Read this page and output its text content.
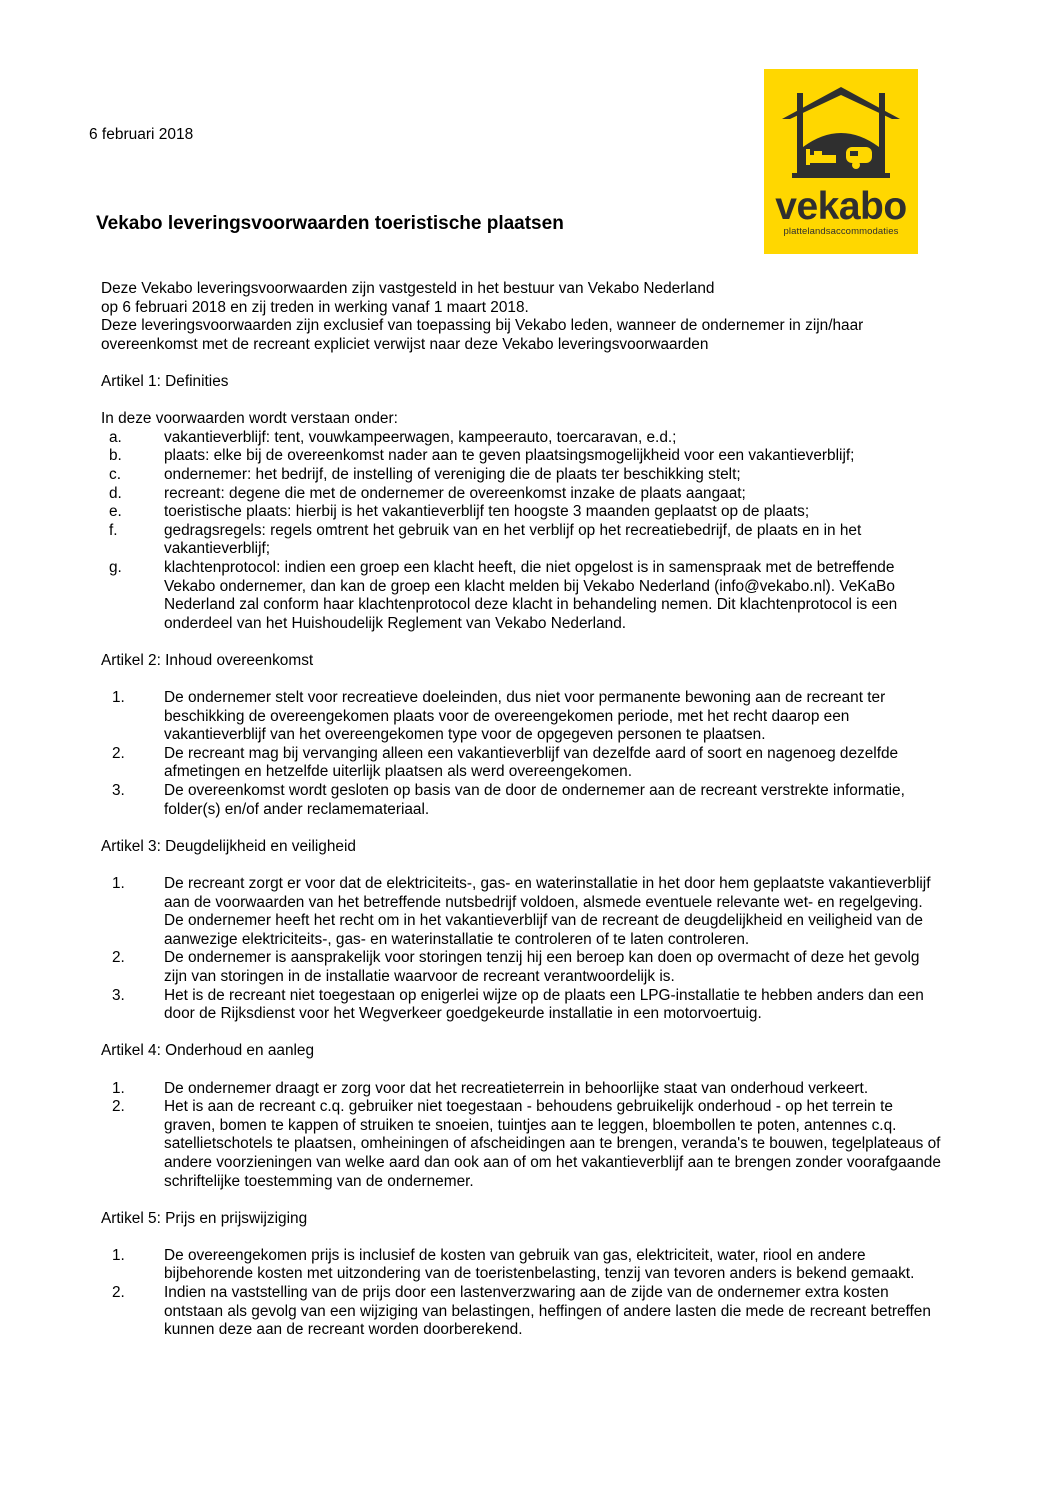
6 februari 2018
vekabo
plattelandsaccommodaties
Vekabo leveringsvoorwaarden toeristische plaatsen

Deze Vekabo leveringsvoorwaarden zijn vastgesteld in het bestuur van Vekabo Nederland

op 6 februari 2018 en zij treden in werking vanaf 1 maart 2018.

Deze leveringsvoorwaarden zijn exclusief van toepassing bij Vekabo leden, wanneer de ondernemer in zijn/haar

overeenkomst met de recreant expliciet verwijst naar deze Vekabo leveringsvoorwaarden

Artikel 1: Definities

In deze voorwaarden wordt verstaan onder:

a.	vakantieverblijf: tent, vouwkampeerwagen, kampeerauto, toercaravan, e.d.;
b.	plaats: elke bij de overeenkomst nader aan te geven plaatsingsmogelijkheid voor een vakantieverblijf;
c.	ondernemer: het bedrijf, de instelling of vereniging die de plaats ter beschikking stelt;
d.	recreant: degene die met de ondernemer de overeenkomst inzake de plaats aangaat;
e.	toeristische plaats: hierbij is het vakantieverblijf ten hoogste 3 maanden geplaatst op de plaats;
f.	gedragsregels: regels omtrent het gebruik van en het verblijf op het recreatiebedrijf, de plaats en in het vakantieverblijf;
g.	klachtenprotocol: indien een groep een klacht heeft, die niet opgelost is in samenspraak met de betreffende Vekabo ondernemer, dan kan de groep een klacht melden bij Vekabo Nederland (info@vekabo.nl). VeKaBo Nederland zal conform haar klachtenprotocol deze klacht in behandeling nemen. Dit klachtenprotocol is een onderdeel van het Huishoudelijk Reglement van Vekabo Nederland.

Artikel 2: Inhoud overeenkomst

1.	De ondernemer stelt voor recreatieve doeleinden, dus niet voor permanente bewoning aan de recreant ter beschikking de overeengekomen plaats voor de overeengekomen periode, met het recht daarop een vakantieverblijf van het overeengekomen type voor de opgegeven personen te plaatsen.
2.	De recreant mag bij vervanging alleen een vakantieverblijf van dezelfde aard of soort en nagenoeg dezelfde afmetingen en hetzelfde uiterlijk plaatsen als werd overeengekomen.
3.	De overeenkomst wordt gesloten op basis van de door de ondernemer aan de recreant verstrekte informatie, folder(s) en/of ander reclamemateriaal.

Artikel 3: Deugdelijkheid en veiligheid

1.	De recreant zorgt er voor dat de elektriciteits-, gas- en waterinstallatie in het door hem geplaatste vakantieverblijf aan de voorwaarden van het betreffende nutsbedrijf voldoen, alsmede eventuele relevante wet- en regelgeving. De ondernemer heeft het recht om in het vakantieverblijf van de recreant de deugdelijkheid en veiligheid van de aanwezige elektriciteits-, gas- en waterinstallatie te controleren of te laten controleren.
2.	De ondernemer is aansprakelijk voor storingen tenzij hij een beroep kan doen op overmacht of deze het gevolg zijn van storingen in de installatie waarvoor de recreant verantwoordelijk is.
3.	Het is de recreant niet toegestaan op enigerlei wijze op de plaats een LPG-installatie te hebben anders dan een door de Rijksdienst voor het Wegverkeer goedgekeurde installatie in een motorvoertuig.

Artikel 4: Onderhoud en aanleg

1.	De ondernemer draagt er zorg voor dat het recreatieterrein in behoorlijke staat van onderhoud verkeert.
2.	Het is aan de recreant c.q. gebruiker niet toegestaan - behoudens gebruikelijk onderhoud - op het terrein te graven, bomen te kappen of struiken te snoeien, tuintjes aan te leggen, bloembollen te poten, antennes c.q. satellietschotels te plaatsen, omheiningen of afscheidingen aan te brengen, veranda's te bouwen, tegelplateaus of andere voorzieningen van welke aard dan ook aan of om het vakantieverblijf aan te brengen zonder voorafgaande schriftelijke toestemming van de ondernemer.

Artikel 5: Prijs en prijswijziging

1.	De overeengekomen prijs is inclusief de kosten van gebruik van gas, elektriciteit, water, riool en andere bijbehorende kosten met uitzondering van de toeristenbelasting, tenzij van tevoren anders is bekend gemaakt.
2.	Indien na vaststelling van de prijs door een lastenverzwaring aan de zijde van de ondernemer extra kosten ontstaan als gevolg van een wijziging van belastingen, heffingen of andere lasten die mede de recreant betreffen kunnen deze aan de recreant worden doorberekend.
